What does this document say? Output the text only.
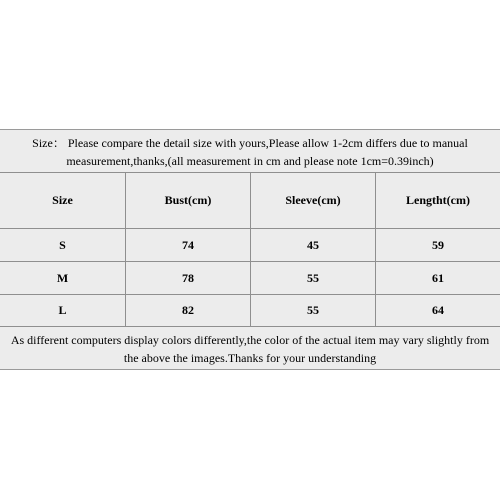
Size： Please compare the detail size with yours,Please allow 1-2cm differs due to manual
measurement,thanks,(all measurement in cm and please note 1cm=0.39inch)
Size	Bust(cm)	Sleeve(cm)	Lengtht(cm)
S	74	45	59
M	78	55	61
L	82	55	64
As different computers display colors differently,the color of the actual item may vary slightly from
the above the images.Thanks for your understanding
